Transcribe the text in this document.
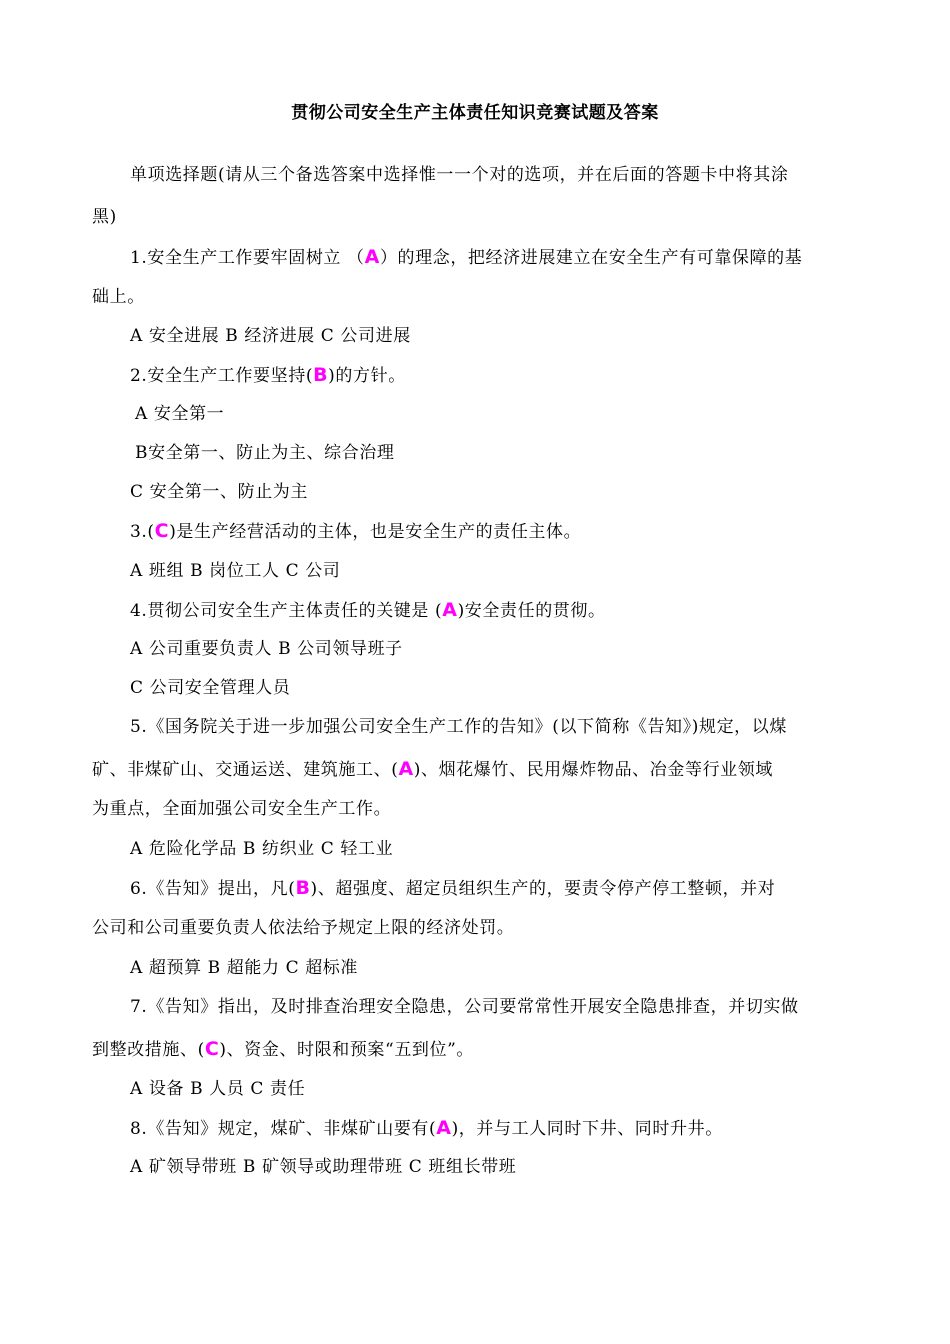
贯彻公司安全生产主体责任知识竞赛试题及答案
单项选择题(请从三个备选答案中选择惟一一个对的选项，并在后面的答题卡中将其涂
黑)
1.安全生产工作要牢固树立 （A）的理念，把经济进展建立在安全生产有可靠保障的基
础上。
A 安全进展 B 经济进展 C 公司进展
2.安全生产工作要坚持(B)的方针。
A 安全第一
B安全第一、防止为主、综合治理
C 安全第一、防止为主
3.(C)是生产经营活动的主体，也是安全生产的责任主体。
A 班组 B 岗位工人 C 公司
4.贯彻公司安全生产主体责任的关键是 (A)安全责任的贯彻。
A 公司重要负责人 B 公司领导班子
C 公司安全管理人员
5.《国务院关于进一步加强公司安全生产工作的告知》(以下简称《告知》)规定，以煤
矿、非煤矿山、交通运送、建筑施工、(A)、烟花爆竹、民用爆炸物品、冶金等行业领域
为重点，全面加强公司安全生产工作。
A 危险化学品 B 纺织业 C 轻工业
6.《告知》提出，凡(B)、超强度、超定员组织生产的，要责令停产停工整顿，并对
公司和公司重要负责人依法给予规定上限的经济处罚。
A 超预算 B 超能力 C 超标准
7.《告知》指出，及时排查治理安全隐患，公司要常常性开展安全隐患排查，并切实做
到整改措施、(C)、资金、时限和预案“五到位”。
A 设备 B 人员 C 责任
8.《告知》规定，煤矿、非煤矿山要有(A)，并与工人同时下井、同时升井。
A 矿领导带班 B 矿领导或助理带班 C 班组长带班
